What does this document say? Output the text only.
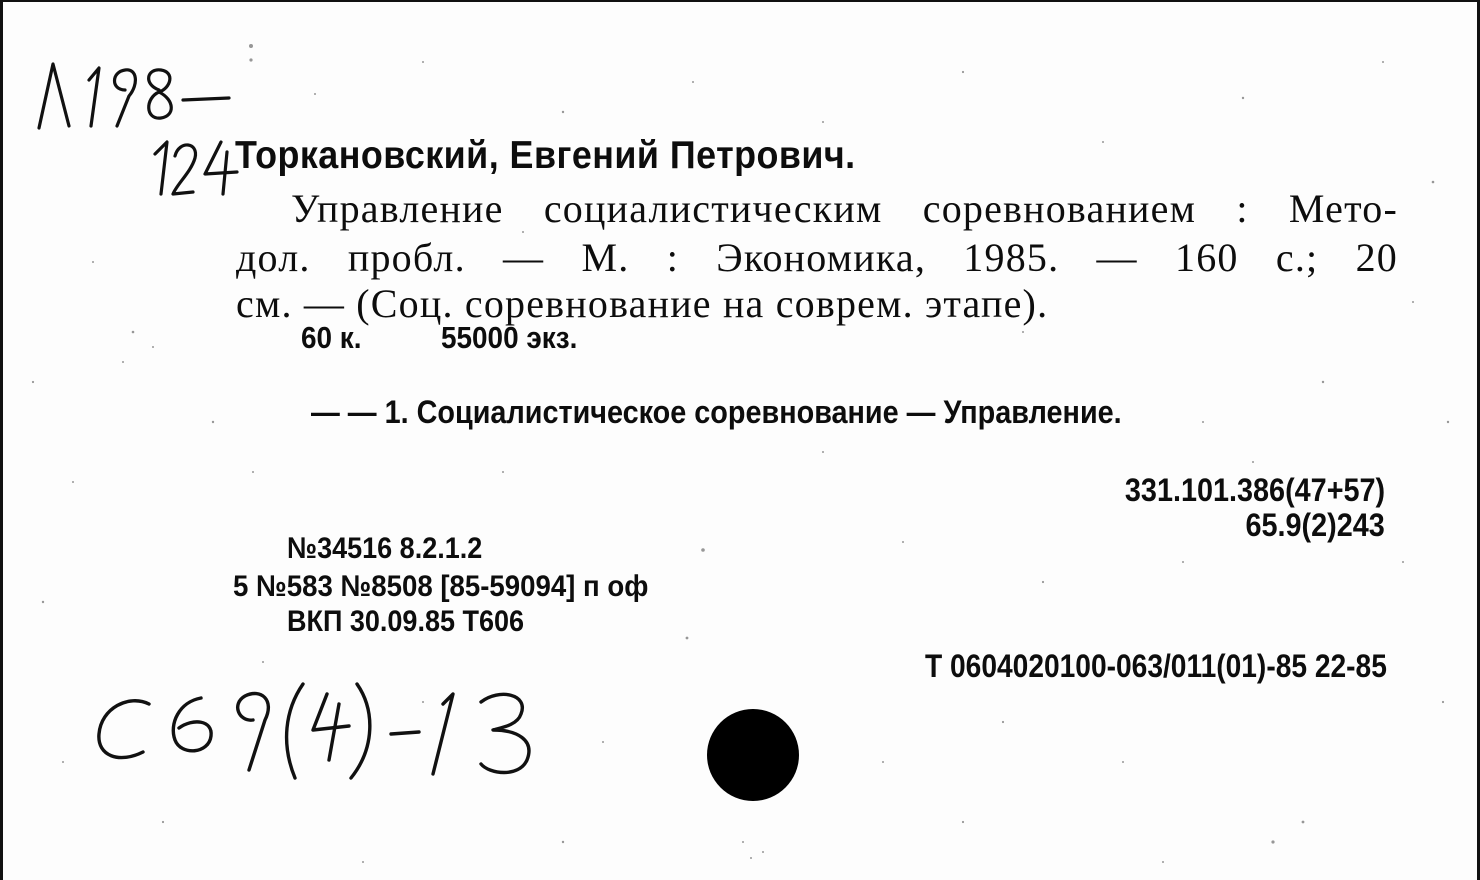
Торкановский, Евгений Петрович.
Управление социалистическим соревнованием : Мето-
дол. пробл. — М. : Экономика, 1985. — 160 с.; 20
см. — (Соц. соревнование на соврем. этапе).
60 к.	55000 экз.
— — 1. Социалистическое соревнование — Управление.
331.101.386(47+57)
65.9(2)243
№34516 8.2.1.2
5 №583 №8508 [85-59094] п оф
ВКП 30.09.85 Т606
Т 0604020100-063/011(01)-85 22-85
